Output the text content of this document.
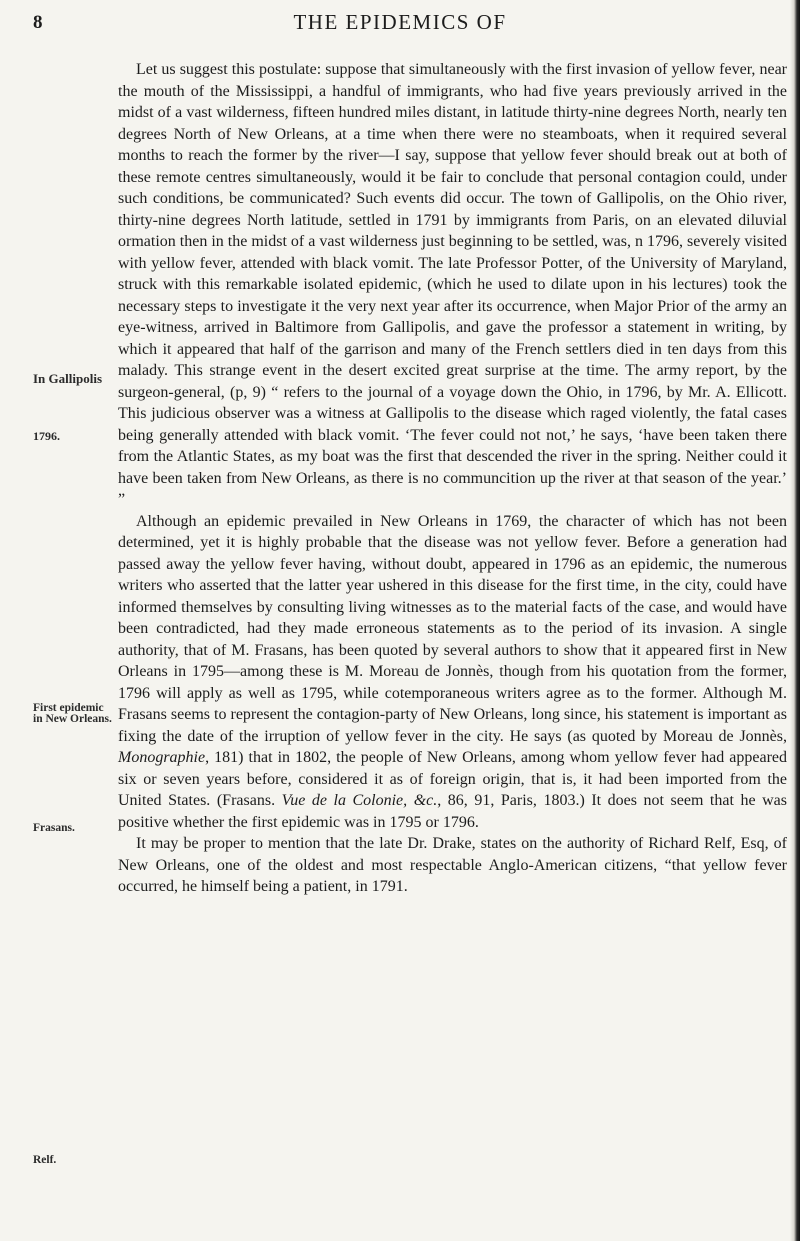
8	THE EPIDEMICS OF
In Gallipolis
1796.
First epidemic in New Orleans.
Frasans.
Relf.

Let us suggest this postulate: suppose that simultaneously with the first invasion of yellow fever, near the mouth of the Mississippi, a handful of immigrants, who had five years previously arrived in the midst of a vast wilderness, fifteen hundred miles distant, in latitude thirty-nine degrees North, nearly ten degrees North of New Orleans, at a time when there were no steamboats, when it required several months to reach the former by the river—I say, suppose that yellow fever should break out at both of these remote centres simultaneously, would it be fair to conclude that personal contagion could, under such conditions, be communicated? Such events did occur. The town of Gallipolis, on the Ohio river, thirty-nine degrees North latitude, settled in 1791 by immigrants from Paris, on an elevated diluvial ormation then in the midst of a vast wilderness just beginning to be settled, was, n 1796, severely visited with yellow fever, attended with black vomit. The late Professor Potter, of the University of Maryland, struck with this remarkable isolated epidemic, (which he used to dilate upon in his lectures) took the necessary steps to investigate it the very next year after its occurrence, when Major Prior of the army an eye-witness, arrived in Baltimore from Gallipolis, and gave the professor a statement in writing, by which it appeared that half of the garrison and many of the French settlers died in ten days from this malady. This strange event in the desert excited great surprise at the time. The army report, by the surgeon-general, (p, 9) “ refers to the journal of a voyage down the Ohio, in 1796, by Mr. A. Ellicott. This judicious observer was a witness at Gallipolis to the disease which raged violently, the fatal cases being generally attended with black vomit. ‘The fever could not not,’ he says, ‘have been taken there from the Atlantic States, as my boat was the first that descended the river in the spring. Neither could it have been taken from New Orleans, as there is no communcition up the river at that season of the year.’ ”

Although an epidemic prevailed in New Orleans in 1769, the character of which has not been determined, yet it is highly probable that the disease was not yellow fever. Before a generation had passed away the yellow fever having, without doubt, appeared in 1796 as an epidemic, the numerous writers who asserted that the latter year ushered in this disease for the first time, in the city, could have informed themselves by consulting living witnesses as to the material facts of the case, and would have been contradicted, had they made erroneous statements as to the period of its invasion. A single authority, that of M. Frasans, has been quoted by several authors to show that it appeared first in New Orleans in 1795—among these is M. Moreau de Jonnès, though from his quotation from the former, 1796 will apply as well as 1795, while cotemporaneous writers agree as to the former. Although M. Frasans seems to represent the contagion-party of New Orleans, long since, his statement is important as fixing the date of the irruption of yellow fever in the city. He says (as quoted by Moreau de Jonnès, Monographie, 181) that in 1802, the people of New Orleans, among whom yellow fever had appeared six or seven years before, considered it as of foreign origin, that is, it had been imported from the United States. (Frasans. Vue de la Colonie, &c., 86, 91, Paris, 1803.) It does not seem that he was positive whether the first epidemic was in 1795 or 1796.

It may be proper to mention that the late Dr. Drake, states on the authority of Richard Relf, Esq, of New Orleans, one of the oldest and most respectable Anglo-American citizens, “that yellow fever occurred, he himself being a patient, in 1791.
